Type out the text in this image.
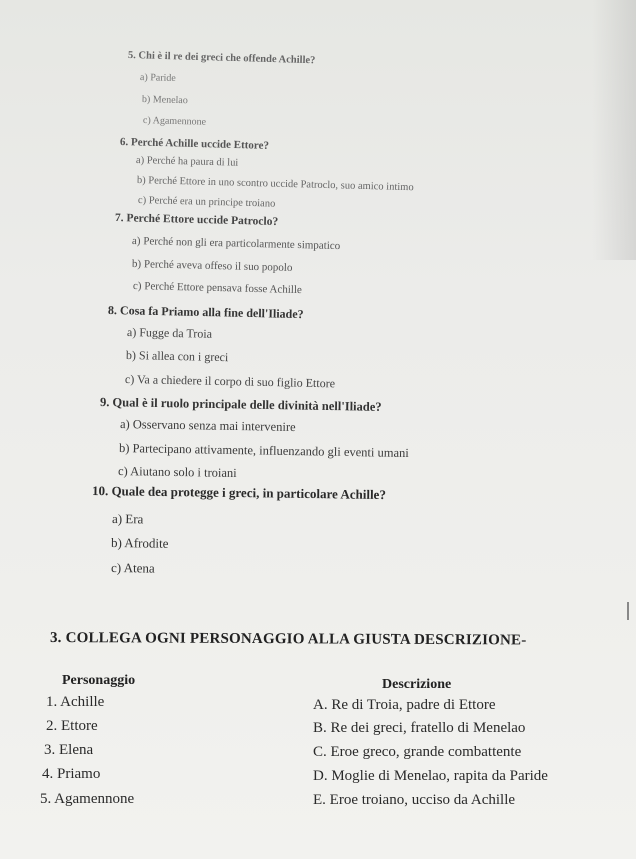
5. Chi è il re dei greci che offende Achille?
a) Paride
b) Menelao
c) Agamennone
6. Perché Achille uccide Ettore?
a) Perché ha paura di lui
b) Perché Ettore in uno scontro uccide Patroclo, suo amico intimo
c) Perché era un principe troiano
7. Perché Ettore uccide Patroclo?
a) Perché non gli era particolarmente simpatico
b) Perché aveva offeso il suo popolo
c) Perché Ettore pensava fosse Achille
8. Cosa fa Priamo alla fine dell'Iliade?
a) Fugge da Troia
b) Si allea con i greci
c) Va a chiedere il corpo di suo figlio Ettore
9. Qual è il ruolo principale delle divinità nell'Iliade?
a) Osservano senza mai intervenire
b) Partecipano attivamente, influenzando gli eventi umani
c) Aiutano solo i troiani
10. Quale dea protegge i greci, in particolare Achille?
a) Era
b) Afrodite
c) Atena
3. COLLEGA OGNI PERSONAGGIO ALLA GIUSTA DESCRIZIONE-
Personaggio	Descrizione
1. Achille
2. Ettore
3. Elena
4. Priamo
5. Agamennone
A. Re di Troia, padre di Ettore
B. Re dei greci, fratello di Menelao
C. Eroe greco, grande combattente
D. Moglie di Menelao, rapita da Paride
E. Eroe troiano, ucciso da Achille
